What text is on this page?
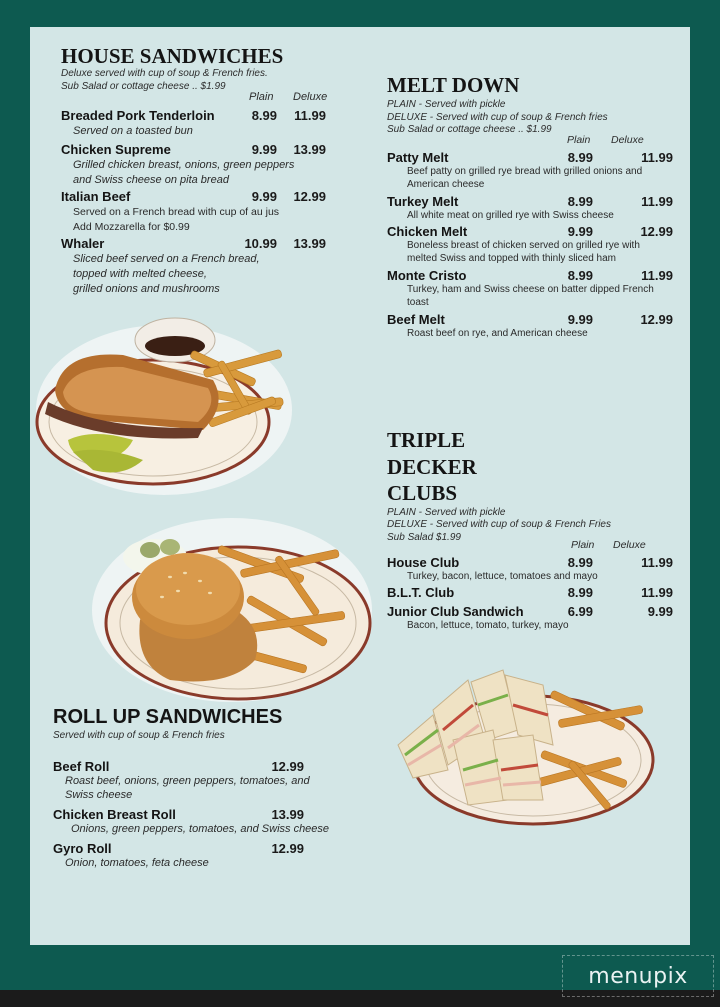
HOUSE SANDWICHES
Deluxe served with cup of soup & French fries.
Sub Salad or cottage cheese .. $1.99
Plain Deluxe
Breaded Pork Tenderloin	8.99	11.99
Served on a toasted bun
Chicken Supreme	9.99	13.99
Grilled chicken breast, onions, green peppers
and Swiss cheese on pita bread
Italian Beef	9.99	12.99
Served on a French bread with cup of au jus
Add Mozzarella for $0.99
Whaler	10.99	13.99
Sliced beef served on a French bread,
topped with melted cheese,
grilled onions and mushrooms
MELT DOWN
PLAIN - Served with pickle
DELUXE - Served with cup of soup & French fries
Sub Salad or cottage cheese .. $1.99
Plain Deluxe
Patty Melt	8.99	11.99
Beef patty on grilled rye bread with grilled onions and
American cheese
Turkey Melt	8.99	11.99
All white meat on grilled rye with Swiss cheese
Chicken Melt	9.99	12.99
Boneless breast of chicken served on grilled rye with
melted Swiss and topped with thinly sliced ham
Monte Cristo	8.99	11.99
Turkey, ham and Swiss cheese on batter dipped French
toast
Beef Melt	9.99	12.99
Roast beef on rye, and American cheese
TRIPLE
DECKER
CLUBS
PLAIN - Served with pickle
DELUXE - Served with cup of soup & French Fries
Sub Salad $1.99
Plain Deluxe
House Club	8.99	11.99
Turkey, bacon, lettuce, tomatoes and mayo
B.L.T. Club	8.99	11.99
Junior Club Sandwich	6.99	9.99
Bacon, lettuce, tomato, turkey, mayo
ROLL UP SANDWICHES
Served with cup of soup & French fries
Beef Roll	12.99
Roast beef, onions, green peppers, tomatoes, and
Swiss cheese
Chicken Breast Roll	13.99
Onions, green peppers, tomatoes, and Swiss cheese
Gyro Roll	12.99
Onion, tomatoes, feta cheese
menupix
